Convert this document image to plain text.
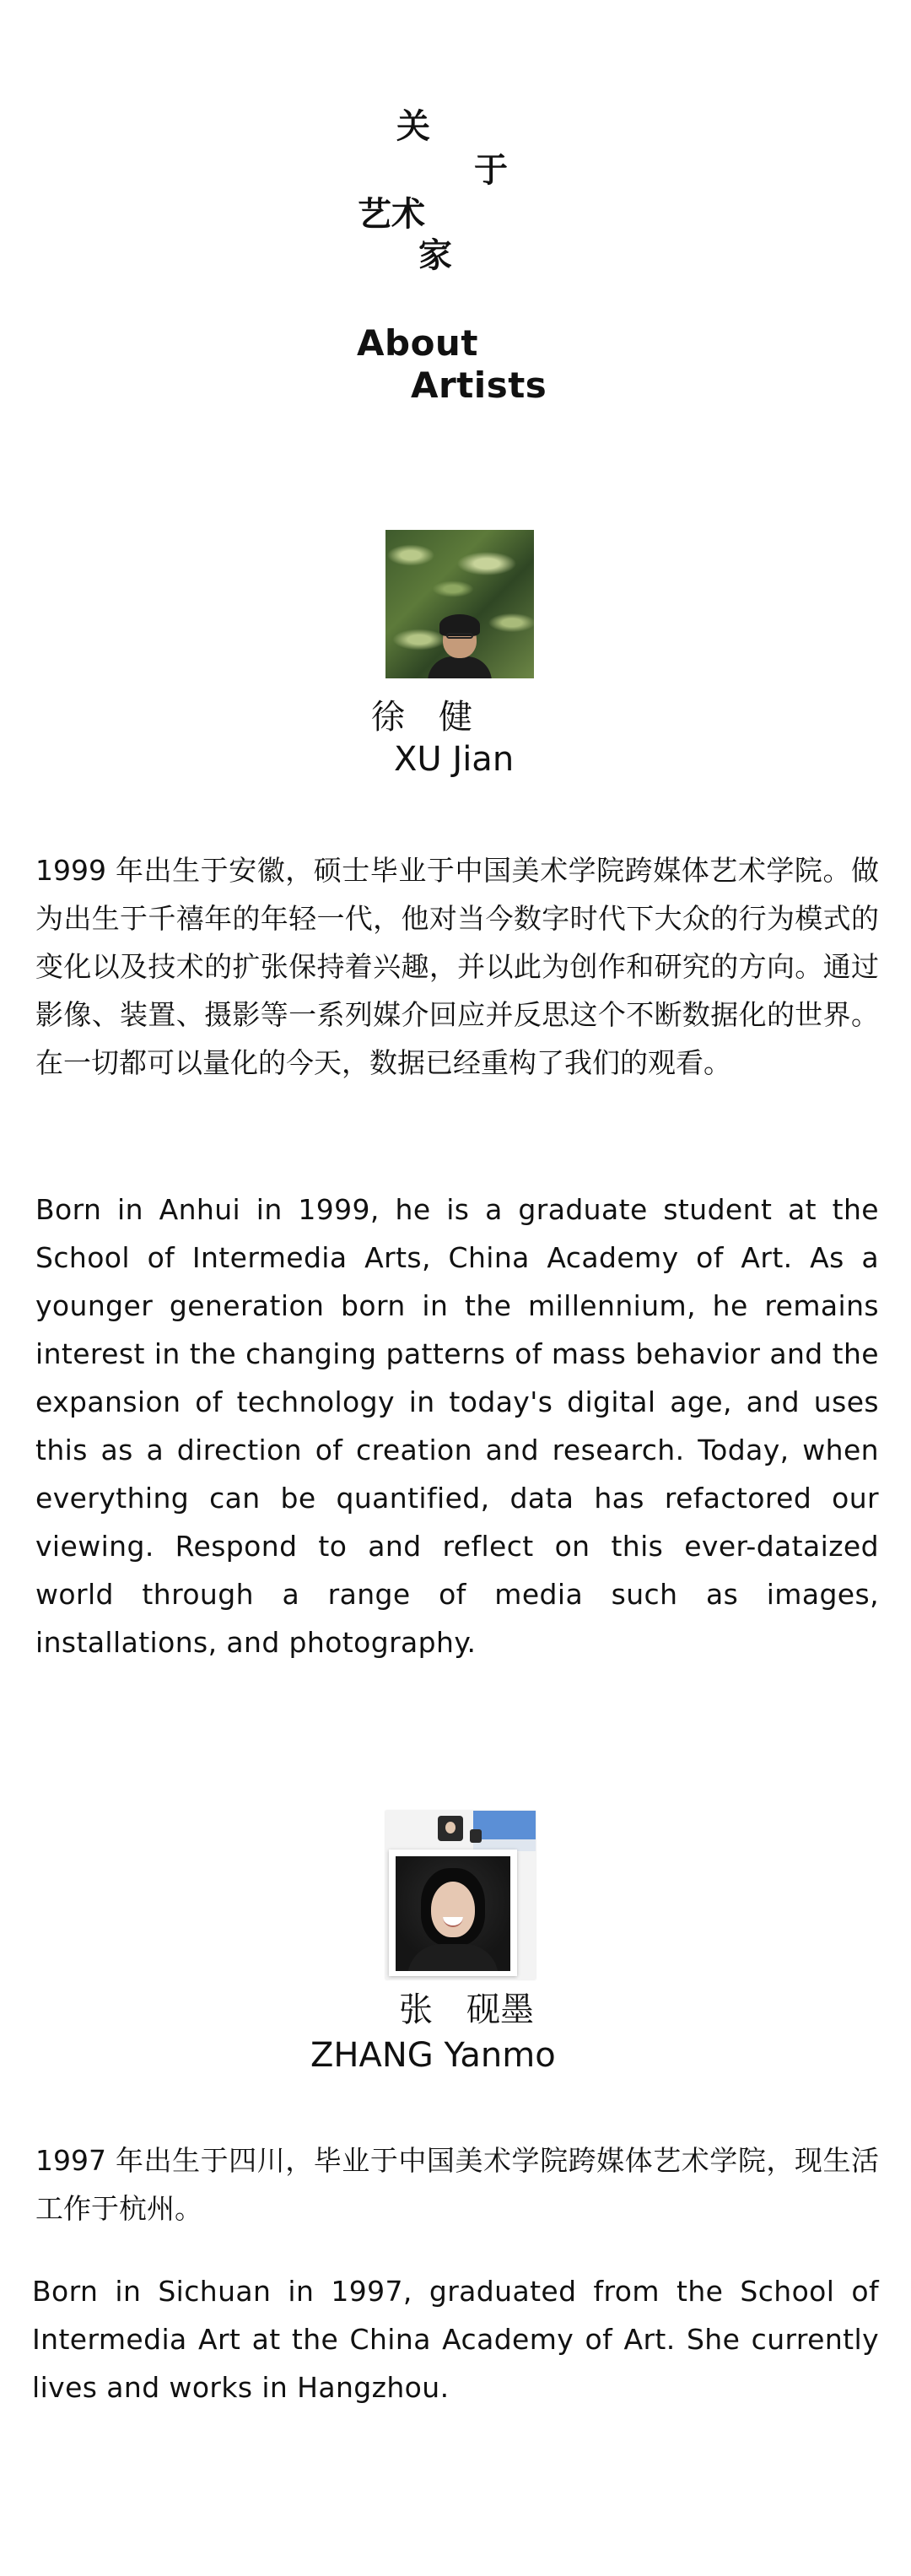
关
于
艺术
家
About
Artists
徐　健
XU Jian

1999 年出生于安徽，硕士毕业于中国美术学院跨媒体艺术学院。做为出生于千禧年的年轻一代，他对当今数字时代下大众的行为模式的变化以及技术的扩张保持着兴趣，并以此为创作和研究的方向。通过影像、装置、摄影等一系列媒介回应并反思这个不断数据化的世界。在一切都可以量化的今天，数据已经重构了我们的观看。

Born in Anhui in 1999, he is a graduate student at the School of Intermedia Arts, China Academy of Art. As a younger generation born in the millennium, he remains interest in the changing patterns of mass behavior and the expansion of technology in today's digital age, and uses this as a direction of creation and research. Today, when everything can be quantified, data has refactored our viewing. Respond to and reflect on this ever-dataized world through a range of media such as images, installations, and photography.

张　砚墨
ZHANG Yanmo

1997 年出生于四川，毕业于中国美术学院跨媒体艺术学院，现生活工作于杭州。

Born in Sichuan in 1997, graduated from the School of Intermedia Art at the China Academy of Art. She currently lives and works in Hangzhou.
